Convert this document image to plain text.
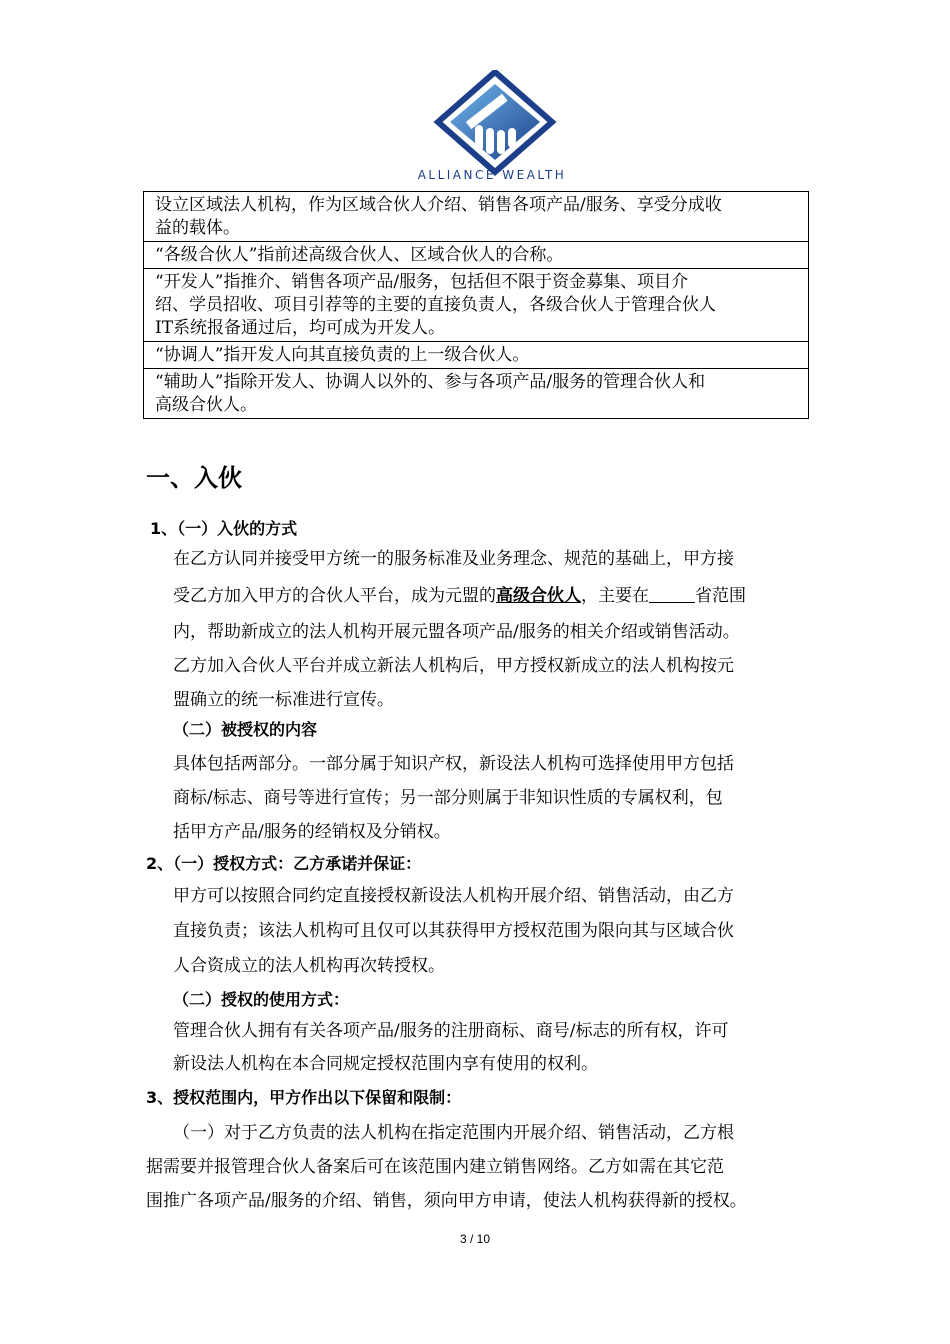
ALLIANCE WEALTH
设立区域法人机构，作为区域合伙人介绍、销售各项产品/服务、享受分成收
益的载体。
“各级合伙人”指前述高级合伙人、区域合伙人的合称。
“开发人”指推介、销售各项产品/服务，包括但不限于资金募集、项目介
绍、学员招收、项目引荐等的主要的直接负责人，各级合伙人于管理合伙人
IT系统报备通过后，均可成为开发人。
“协调人”指开发人向其直接负责的上一级合伙人。
“辅助人”指除开发人、协调人以外的、参与各项产品/服务的管理合伙人和
高级合伙人。
一、入伙
1、（一）入伙的方式
在乙方认同并接受甲方统一的服务标准及业务理念、规范的基础上，甲方接
受乙方加入甲方的合伙人平台，成为元盟的高级合伙人，主要在	省范围
内，帮助新成立的法人机构开展元盟各项产品/服务的相关介绍或销售活动。
乙方加入合伙人平台并成立新法人机构后，甲方授权新成立的法人机构按元
盟确立的统一标准进行宣传。
（二）被授权的内容
具体包括两部分。一部分属于知识产权，新设法人机构可选择使用甲方包括
商标/标志、商号等进行宣传；另一部分则属于非知识性质的专属权利，包
括甲方产品/服务的经销权及分销权。
2、（一）授权方式：乙方承诺并保证：
甲方可以按照合同约定直接授权新设法人机构开展介绍、销售活动，由乙方
直接负责；该法人机构可且仅可以其获得甲方授权范围为限向其与区域合伙
人合资成立的法人机构再次转授权。
（二）授权的使用方式：
管理合伙人拥有有关各项产品/服务的注册商标、商号/标志的所有权，许可
新设法人机构在本合同规定授权范围内享有使用的权利。
3、授权范围内，甲方作出以下保留和限制：
（一）对于乙方负责的法人机构在指定范围内开展介绍、销售活动，乙方根
据需要并报管理合伙人备案后可在该范围内建立销售网络。乙方如需在其它范
围推广各项产品/服务的介绍、销售，须向甲方申请，使法人机构获得新的授权。
3 / 10
